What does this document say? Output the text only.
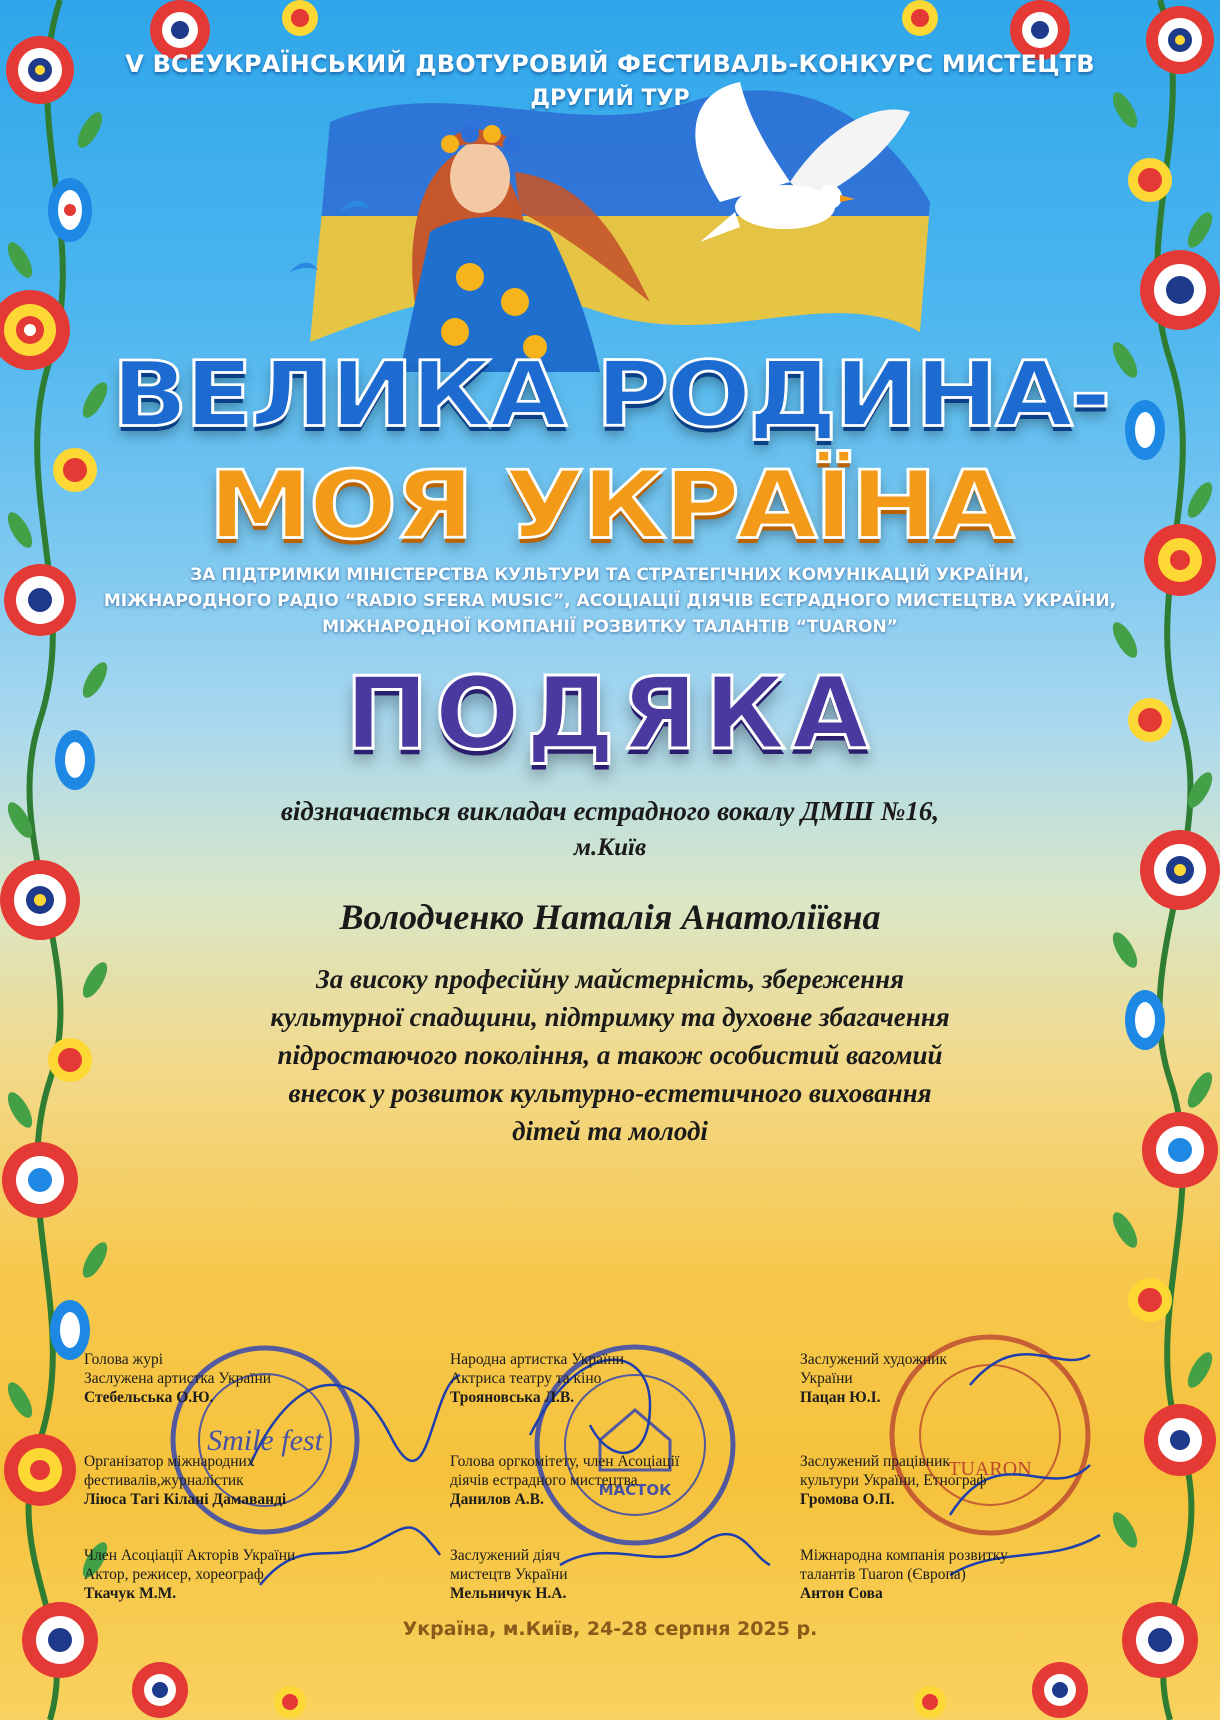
V ВСЕУКРАЇНСЬКИЙ ДВОТУРОВИЙ ФЕСТИВАЛЬ-КОНКУРС МИСТЕЦТВ
ДРУГИЙ ТУР
ВЕЛИКА РОДИНА-
МОЯ УКРАЇНА
ЗА ПІДТРИМКИ МІНІСТЕРСТВА КУЛЬТУРИ ТА СТРАТЕГІЧНИХ КОМУНІКАЦІЙ УКРАЇНИ,
МІЖНАРОДНОГО РАДІО “RADIO SFERA MUSIC”, АСОЦІАЦІЇ ДІЯЧІВ ЕСТРАДНОГО МИСТЕЦТВА УКРАЇНИ,
МІЖНАРОДНОЇ КОМПАНІЇ РОЗВИТКУ ТАЛАНТІВ “TUARON”
ПОДЯКА
відзначається викладач естрадного вокалу ДМШ №16,
м.Київ
Володченко Наталія Анатоліївна
За високу професійну майстерність, збереження
культурної спадщини, підтримку та духовне збагачення
підростаючого покоління, а також особистий вагомий
внесок у розвиток культурно-естетичного виховання
дітей та молоді
Smile fest
МАСТОК
TUARON
Голова журі
Заслужена артистка України
Стебельська О.Ю.
Народна артистка України
Актриса театру та кіно
Трояновська Л.В.
Заслужений художник
України
Пацан Ю.І.
Організатор міжнародних
фестивалів,журналістик
Ліюса Тагі Кілані Дамаванді
Голова оргкомітету, член Асоціації
діячів естрадного мистецтва
Данилов А.В.
Заслужений працівник
культури України, Етнограф
Громова О.П.
Член Асоціації Акторів України
Актор, режисер, хореограф
Ткачук М.М.
Заслужений діяч
мистецтв України
Мельничук Н.А.
Міжнародна компанія розвитку
талантів Tuaron (Європа)
Антон Сова
Україна, м.Київ, 24-28 серпня 2025 р.
